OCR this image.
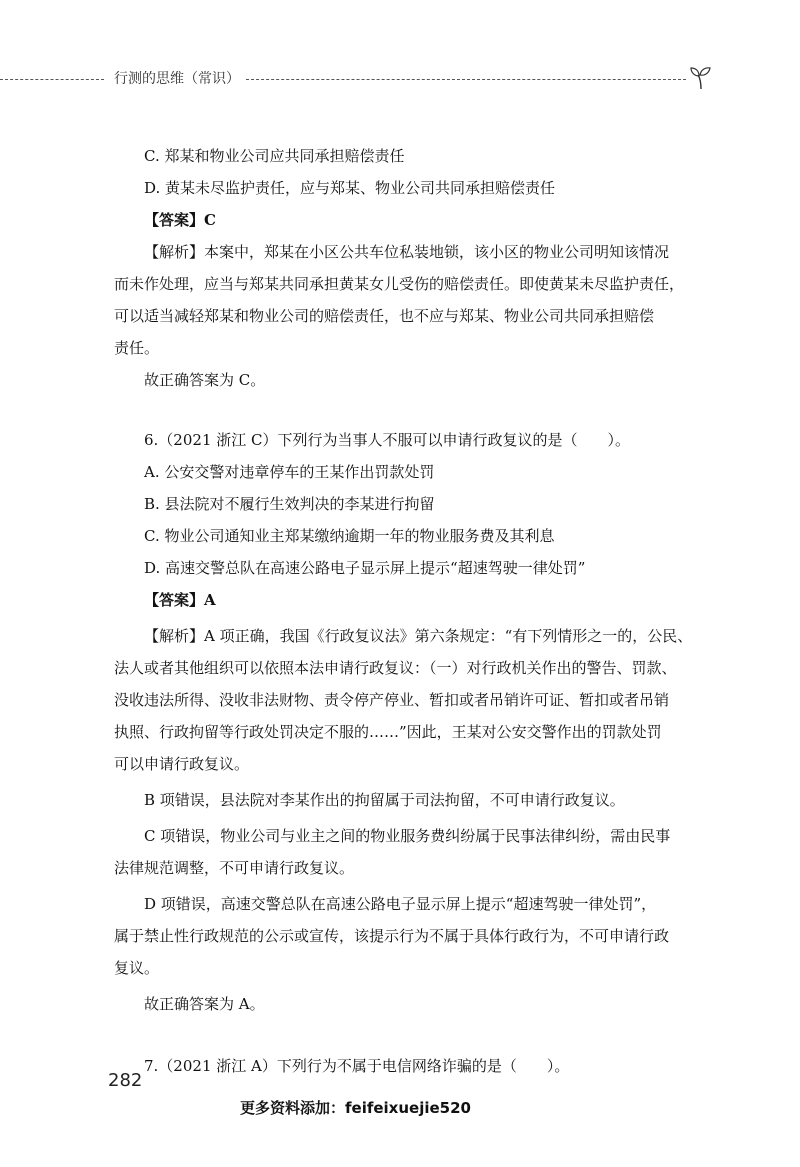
行测的思维（常识）
C. 郑某和物业公司应共同承担赔偿责任
D. 黄某未尽监护责任，应与郑某、物业公司共同承担赔偿责任
【答案】C
【解析】本案中，郑某在小区公共车位私装地锁，该小区的物业公司明知该情况
而未作处理，应当与郑某共同承担黄某女儿受伤的赔偿责任。即使黄某未尽监护责任，
可以适当减轻郑某和物业公司的赔偿责任，也不应与郑某、物业公司共同承担赔偿
责任。
故正确答案为 C。
6.（2021 浙江 C）下列行为当事人不服可以申请行政复议的是（　　）。
A. 公安交警对违章停车的王某作出罚款处罚
B. 县法院对不履行生效判决的李某进行拘留
C. 物业公司通知业主郑某缴纳逾期一年的物业服务费及其利息
D. 高速交警总队在高速公路电子显示屏上提示“超速驾驶一律处罚”
【答案】A
【解析】A 项正确，我国《行政复议法》第六条规定：“有下列情形之一的，公民、
法人或者其他组织可以依照本法申请行政复议：（一）对行政机关作出的警告、罚款、
没收违法所得、没收非法财物、责令停产停业、暂扣或者吊销许可证、暂扣或者吊销
执照、行政拘留等行政处罚决定不服的……”因此，王某对公安交警作出的罚款处罚
可以申请行政复议。
B 项错误，县法院对李某作出的拘留属于司法拘留，不可申请行政复议。
C 项错误，物业公司与业主之间的物业服务费纠纷属于民事法律纠纷，需由民事
法律规范调整，不可申请行政复议。
D 项错误，高速交警总队在高速公路电子显示屏上提示“超速驾驶一律处罚”，
属于禁止性行政规范的公示或宣传，该提示行为不属于具体行政行为，不可申请行政
复议。
故正确答案为 A。
7.（2021 浙江 A）下列行为不属于电信网络诈骗的是（　　）。
282
更多资料添加：feifeixuejie520
